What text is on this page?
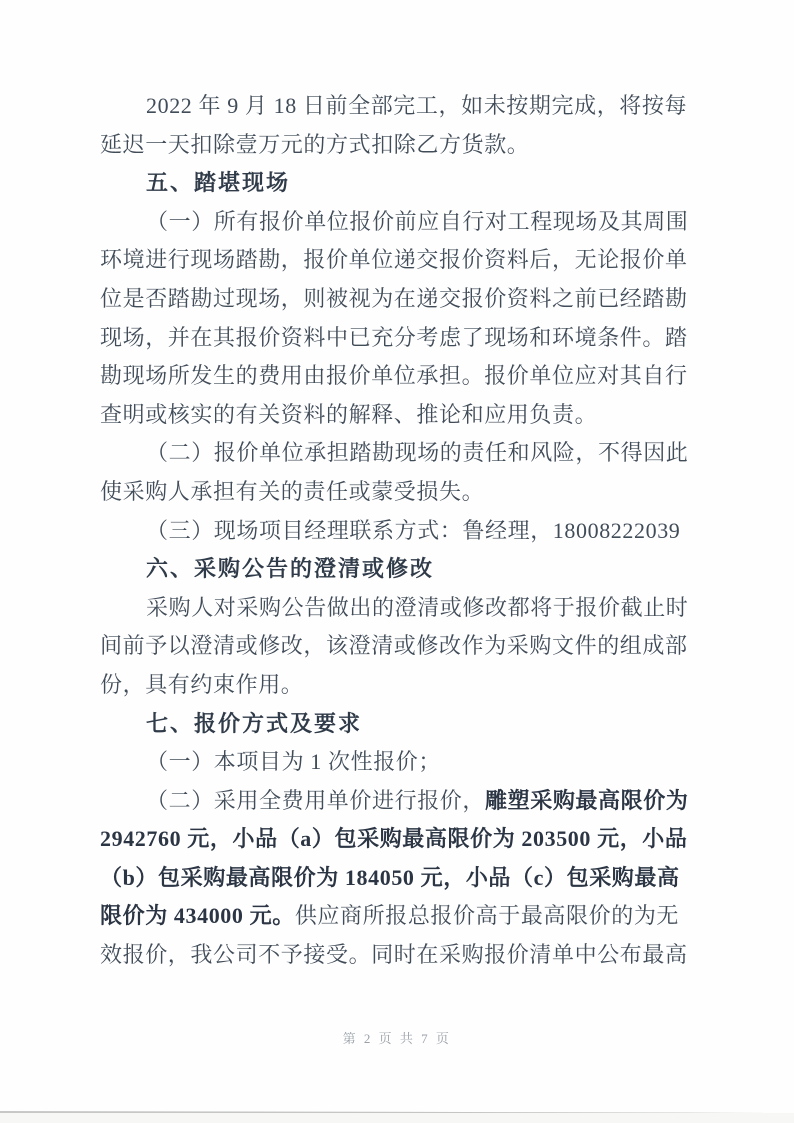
2022 年 9 月 18 日前全部完工，如未按期完成，将按每
延迟一天扣除壹万元的方式扣除乙方货款。
五、踏堪现场
（一）所有报价单位报价前应自行对工程现场及其周围
环境进行现场踏勘，报价单位递交报价资料后，无论报价单
位是否踏勘过现场，则被视为在递交报价资料之前已经踏勘
现场，并在其报价资料中已充分考虑了现场和环境条件。踏
勘现场所发生的费用由报价单位承担。报价单位应对其自行
查明或核实的有关资料的解释、推论和应用负责。
（二）报价单位承担踏勘现场的责任和风险，不得因此
使采购人承担有关的责任或蒙受损失。
（三）现场项目经理联系方式：鲁经理，18008222039
六、采购公告的澄清或修改
采购人对采购公告做出的澄清或修改都将于报价截止时
间前予以澄清或修改，该澄清或修改作为采购文件的组成部
份，具有约束作用。
七、报价方式及要求
（一）本项目为 1 次性报价；
（二）采用全费用单价进行报价，雕塑采购最高限价为
2942760 元，小品（a）包采购最高限价为 203500 元，小品
（b）包采购最高限价为 184050 元，小品（c）包采购最高
限价为 434000 元。供应商所报总报价高于最高限价的为无
效报价，我公司不予接受。同时在采购报价清单中公布最高
第 2 页 共 7 页
